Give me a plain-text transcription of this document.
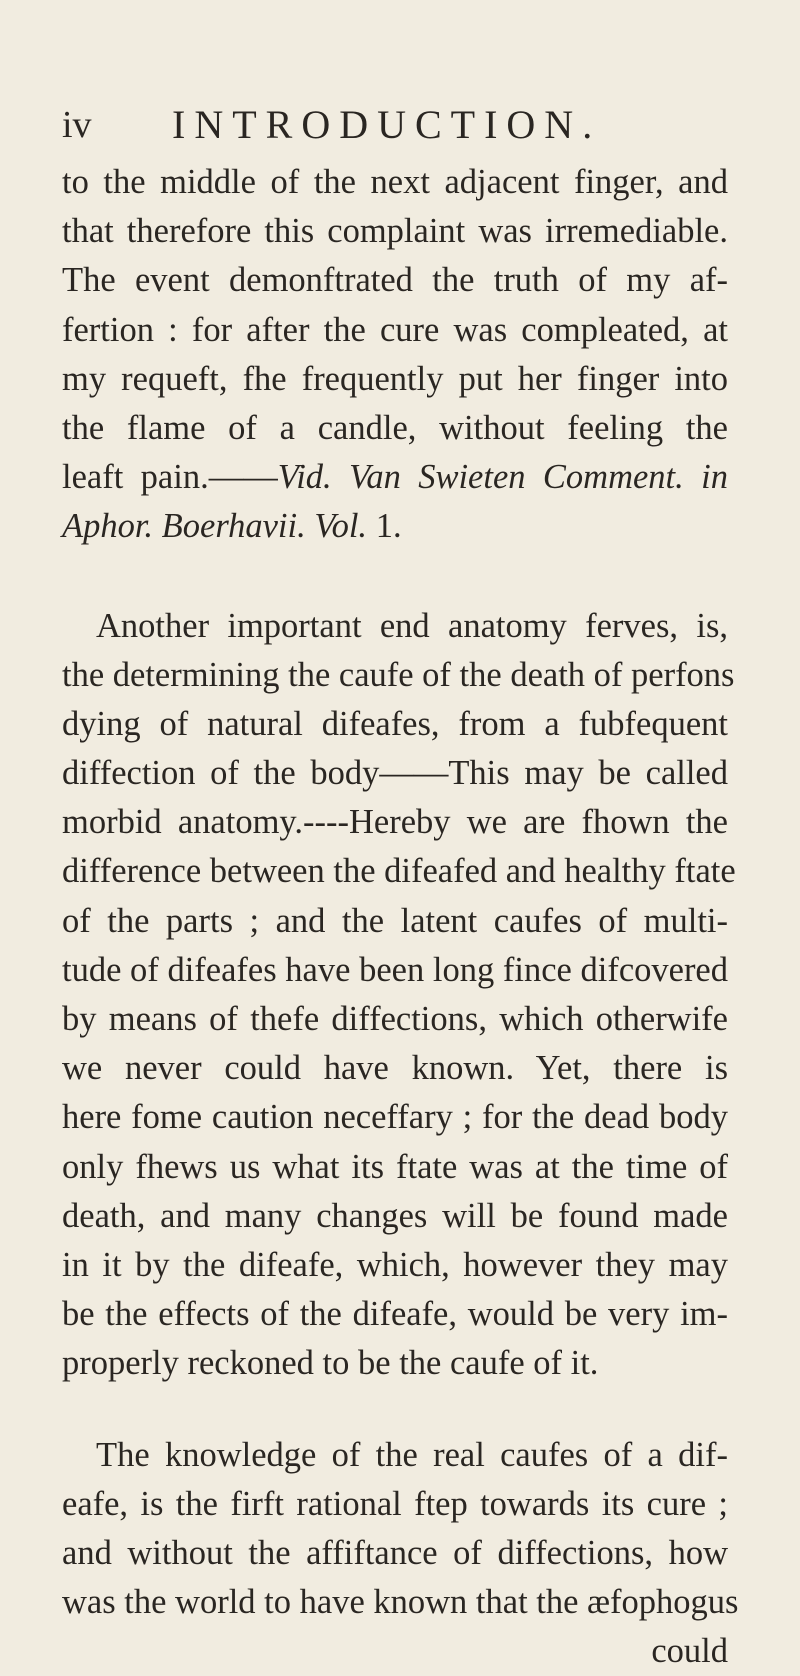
iv INTRODUCTION.
to the middle of the next adjacent finger, and
that therefore this complaint was irremediable.
The event demonftrated the truth of my af-
fertion : for after the cure was compleated, at
my requeft, fhe frequently put her finger into
the flame of a candle, without feeling the
leaft pain.——Vid. Van Swieten Comment. in
Aphor. Boerhavii. Vol. 1.
Another important end anatomy ferves, is,
the determining the caufe of the death of perfons
dying of natural difeafes, from a fubfequent
diffection of the body——This may be called
morbid anatomy.----Hereby we are fhown the
difference between the difeafed and healthy ftate
of the parts ; and the latent caufes of multi-
tude of difeafes have been long fince difcovered
by means of thefe diffections, which otherwife
we never could have known. Yet, there is
here fome caution neceffary ; for the dead body
only fhews us what its ftate was at the time of
death, and many changes will be found made
in it by the difeafe, which, however they may
be the effects of the difeafe, would be very im-
properly reckoned to be the caufe of it.
The knowledge of the real caufes of a dif-
eafe, is the firft rational ftep towards its cure ;
and without the affiftance of diffections, how
was the world to have known that the æfophogus
could
